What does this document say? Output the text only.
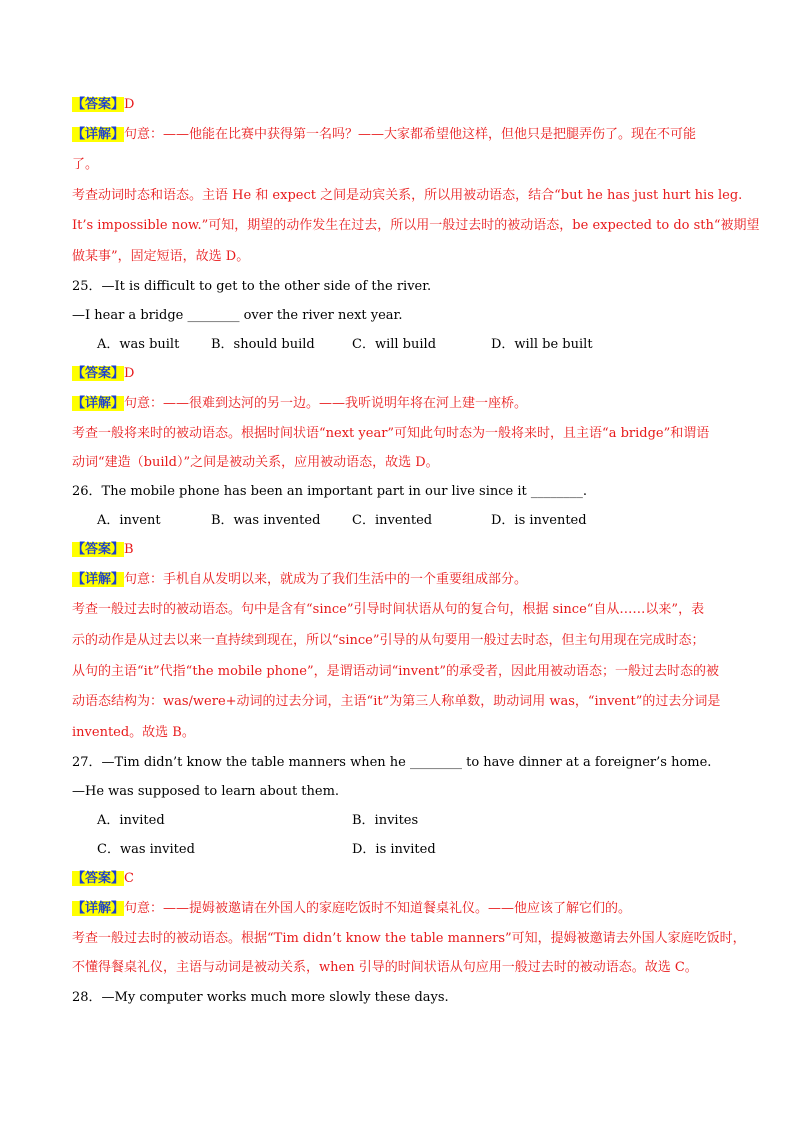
【答案】D
【详解】句意：——他能在比赛中获得第一名吗？——大家都希望他这样，但他只是把腿弄伤了。现在不可能
了。
考查动词时态和语态。主语 He 和 expect 之间是动宾关系，所以用被动语态，结合“but he has just hurt his leg.
It’s impossible now.”可知，期望的动作发生在过去，所以用一般过去时的被动语态，be expected to do sth“被期望
做某事”，固定短语，故选 D。
25．—It is difficult to get to the other side of the river.
—I hear a bridge ________ over the river next year.
A．was built B．should build	C．will build	D．will be built
【答案】D
【详解】句意：——很难到达河的另一边。——我听说明年将在河上建一座桥。
考查一般将来时的被动语态。根据时间状语“next year”可知此句时态为一般将来时，且主语“a bridge”和谓语
动词“建造（build）”之间是被动关系，应用被动语态，故选 D。
26．The mobile phone has been an important part in our live since it ________.
A．invent	B．was invented C．invented	D．is invented
【答案】B
【详解】句意：手机自从发明以来，就成为了我们生活中的一个重要组成部分。
考查一般过去时的被动语态。句中是含有“since”引导时间状语从句的复合句，根据 since“自从……以来”，表
示的动作是从过去以来一直持续到现在，所以“since”引导的从句要用一般过去时态，但主句用现在完成时态；
从句的主语“it”代指“the mobile phone”，是谓语动词“invent”的承受者，因此用被动语态；一般过去时态的被
动语态结构为：was/were+动词的过去分词，主语“it”为第三人称单数，助动词用 was，“invent”的过去分词是
invented。故选 B。
27．—Tim didn’t know the table manners when he ________ to have dinner at a foreigner’s home.
—He was supposed to learn about them.
A．invited	B．invites
C．was invited	D．is invited
【答案】C
【详解】句意：——提姆被邀请在外国人的家庭吃饭时不知道餐桌礼仪。——他应该了解它们的。
考查一般过去时的被动语态。根据“Tim didn’t know the table manners”可知，提姆被邀请去外国人家庭吃饭时，
不懂得餐桌礼仪，主语与动词是被动关系，when 引导的时间状语从句应用一般过去时的被动语态。故选 C。
28．—My computer works much more slowly these days.
